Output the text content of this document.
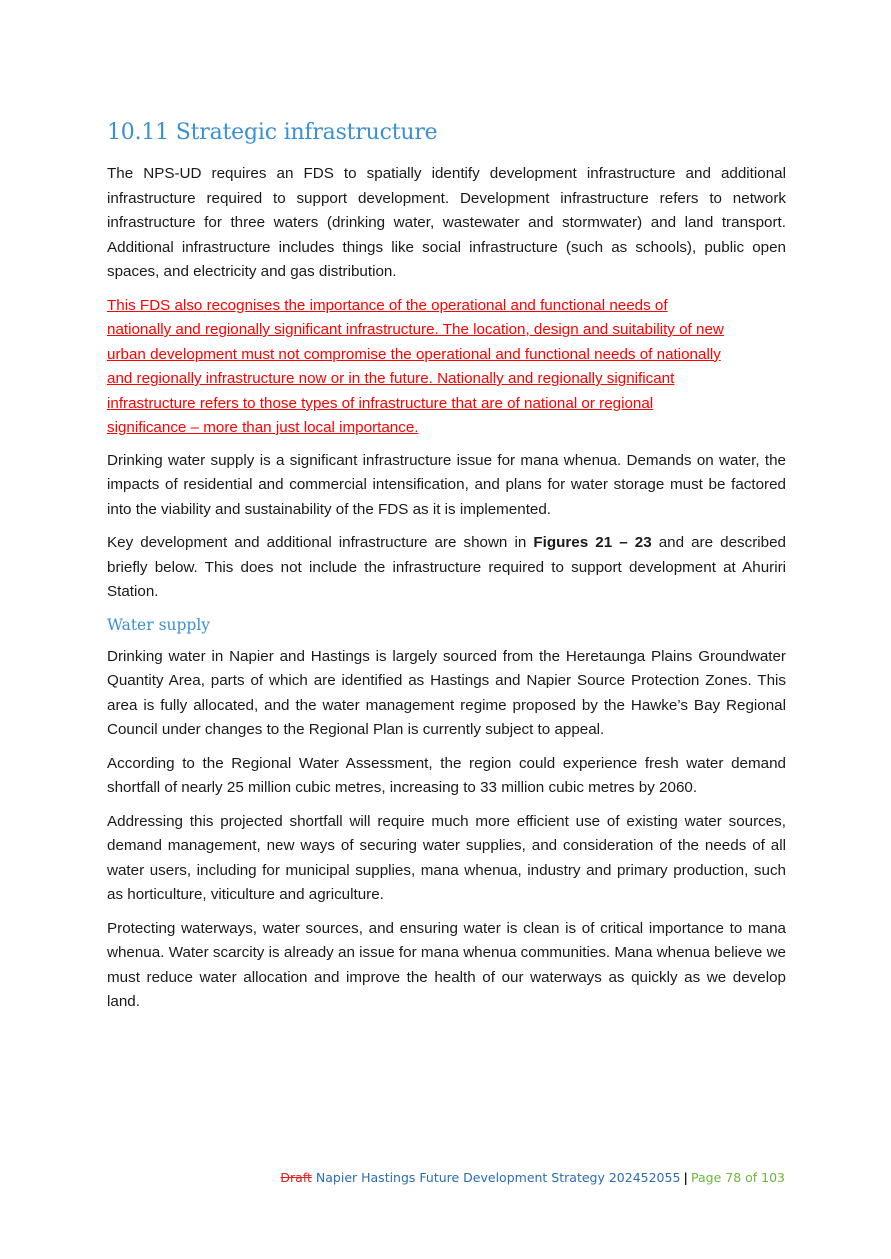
10.11 Strategic infrastructure

The NPS-UD requires an FDS to spatially identify development infrastructure and additional infrastructure required to support development. Development infrastructure refers to network infrastructure for three waters (drinking water, wastewater and stormwater) and land transport. Additional infrastructure includes things like social infrastructure (such as schools), public open spaces, and electricity and gas distribution.

This FDS also recognises the importance of the operational and functional needs of
nationally and regionally significant infrastructure. The location, design and suitability of new
urban development must not compromise the operational and functional needs of nationally
and regionally infrastructure now or in the future. Nationally and regionally significant
infrastructure refers to those types of infrastructure that are of national or regional
significance – more than just local importance.

Drinking water supply is a significant infrastructure issue for mana whenua. Demands on water, the impacts of residential and commercial intensification, and plans for water storage must be factored into the viability and sustainability of the FDS as it is implemented.

Key development and additional infrastructure are shown in Figures 21 – 23 and are described briefly below. This does not include the infrastructure required to support development at Ahuriri Station.

Water supply

Drinking water in Napier and Hastings is largely sourced from the Heretaunga Plains Groundwater Quantity Area, parts of which are identified as Hastings and Napier Source Protection Zones. This area is fully allocated, and the water management regime proposed by the Hawke’s Bay Regional Council under changes to the Regional Plan is currently subject to appeal.

According to the Regional Water Assessment, the region could experience fresh water demand shortfall of nearly 25 million cubic metres, increasing to 33 million cubic metres by 2060.

Addressing this projected shortfall will require much more efficient use of existing water sources, demand management, new ways of securing water supplies, and consideration of the needs of all water users, including for municipal supplies, mana whenua, industry and primary production, such as horticulture, viticulture and agriculture.

Protecting waterways, water sources, and ensuring water is clean is of critical importance to mana whenua. Water scarcity is already an issue for mana whenua communities. Mana whenua believe we must reduce water allocation and improve the health of our waterways as quickly as we develop land.

Draft Napier Hastings Future Development Strategy 202452055 | Page 78 of 103
